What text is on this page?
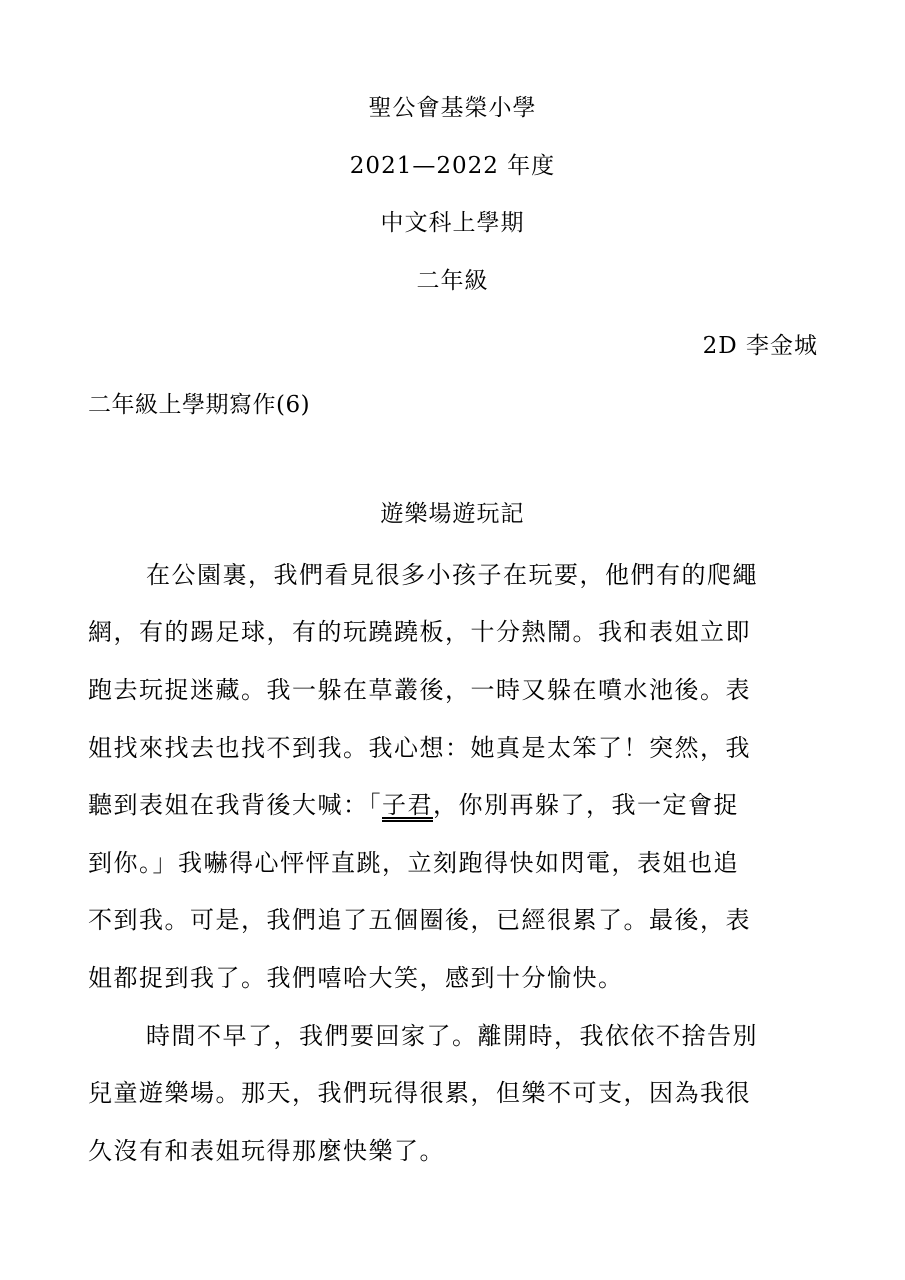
聖公會基榮小學
2021—2022 年度
中文科上學期
二年級
2D 李金城
二年級上學期寫作(6)
遊樂場遊玩記
在公園裏，我們看見很多小孩子在玩要，他們有的爬繩
網，有的踢足球，有的玩蹺蹺板，十分熱鬧。我和表姐立即
跑去玩捉迷藏。我一躲在草叢後，一時又躲在噴水池後。表
姐找來找去也找不到我。我心想：她真是太笨了！突然，我
聽到表姐在我背後大喊：「子君，你別再躲了，我一定會捉
到你。」我嚇得心怦怦直跳，立刻跑得快如閃電，表姐也追
不到我。可是，我們追了五個圈後，已經很累了。最後，表
姐都捉到我了。我們嘻哈大笑，感到十分愉快。
時間不早了，我們要回家了。離開時，我依依不捨告別
兒童遊樂場。那天，我們玩得很累，但樂不可支，因為我很
久沒有和表姐玩得那麼快樂了。
